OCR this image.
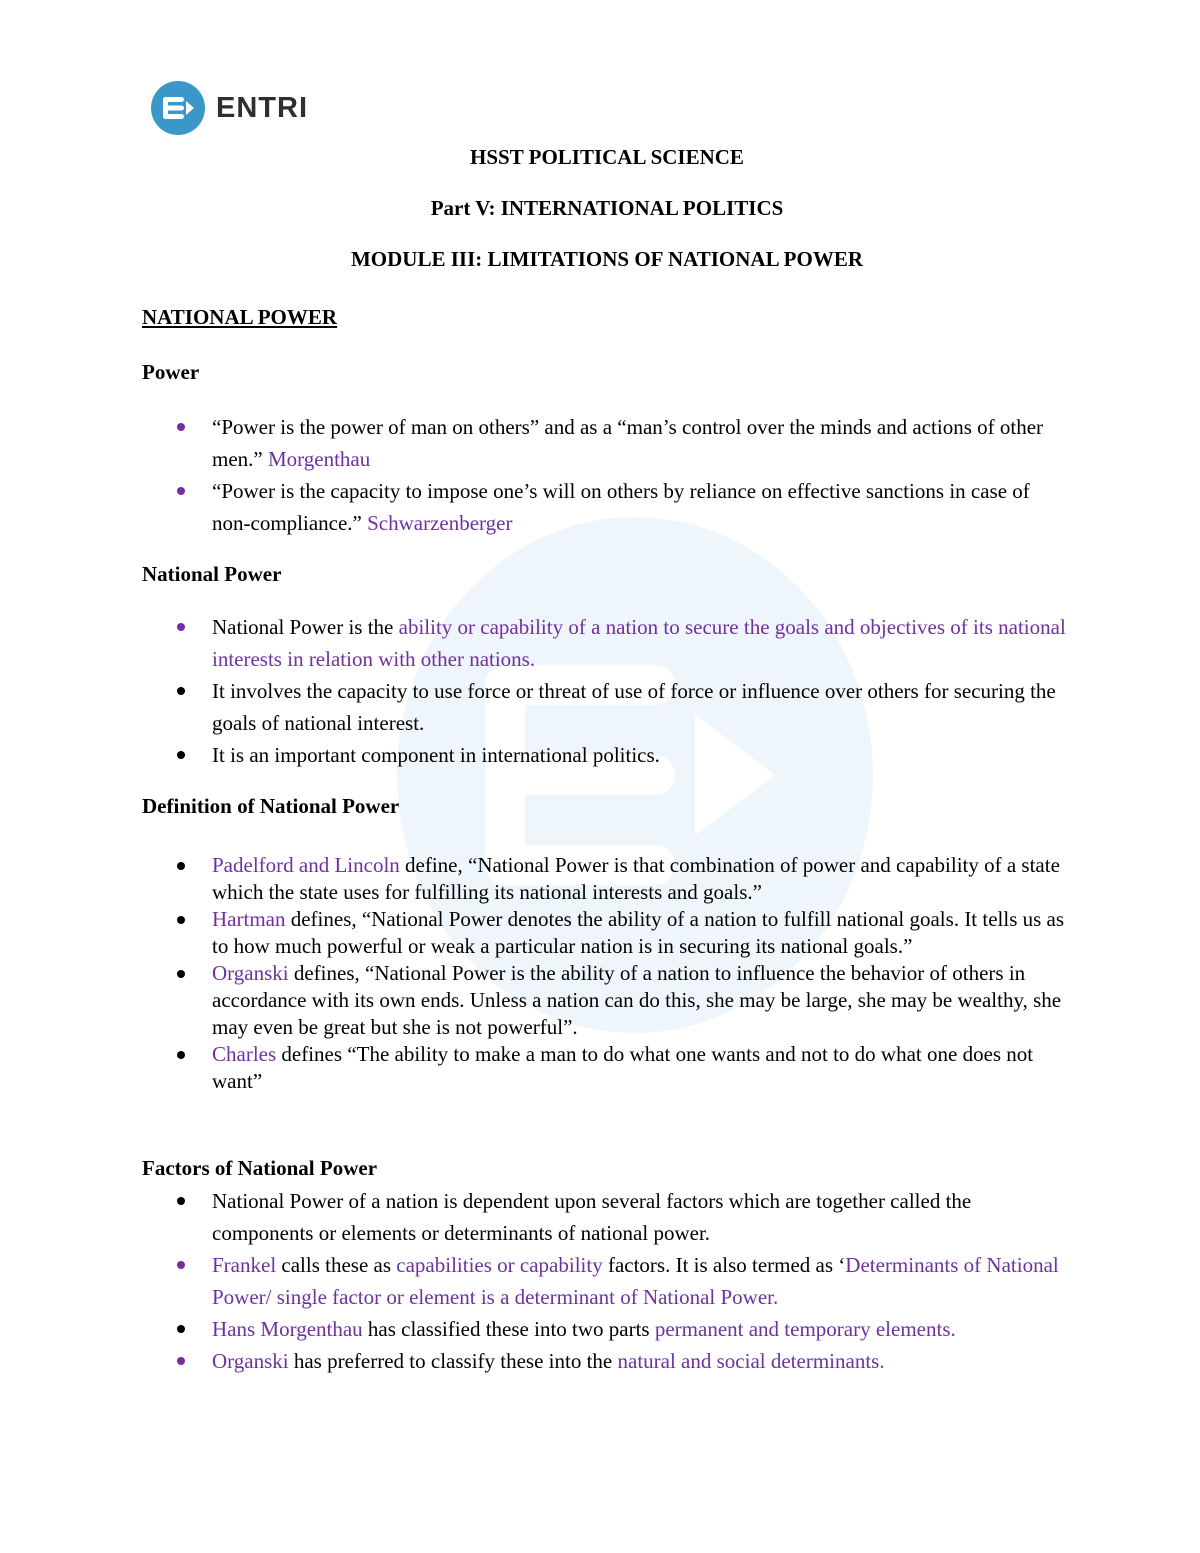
ENTRI
HSST POLITICAL SCIENCE
Part V: INTERNATIONAL POLITICS
MODULE III: LIMITATIONS OF NATIONAL POWER
NATIONAL POWER
Power
“Power is the power of man on others” and as a “man’s control over the minds and actions of other men.” Morgenthau
“Power is the capacity to impose one’s will on others by reliance on effective sanctions in case of non-compliance.” Schwarzenberger
National Power
National Power is the ability or capability of a nation to secure the goals and objectives of its national interests in relation with other nations.
It involves the capacity to use force or threat of use of force or influence over others for securing the goals of national interest.
It is an important component in international politics.
Definition of National Power
Padelford and Lincoln define, “National Power is that combination of power and capability of a state which the state uses for fulfilling its national interests and goals.”
Hartman defines, “National Power denotes the ability of a nation to fulfill national goals. It tells us as to how much powerful or weak a particular nation is in securing its national goals.”
Organski defines, “National Power is the ability of a nation to influence the behavior of others in accordance with its own ends. Unless a nation can do this, she may be large, she may be wealthy, she may even be great but she is not powerful”.
Charles defines “The ability to make a man to do what one wants and not to do what one does not want”
Factors of National Power
National Power of a nation is dependent upon several factors which are together called the components or elements or determinants of national power.
Frankel calls these as capabilities or capability factors. It is also termed as ‘Determinants of National Power/ single factor or element is a determinant of National Power.
Hans Morgenthau has classified these into two parts permanent and temporary elements.
Organski has preferred to classify these into the natural and social determinants.
